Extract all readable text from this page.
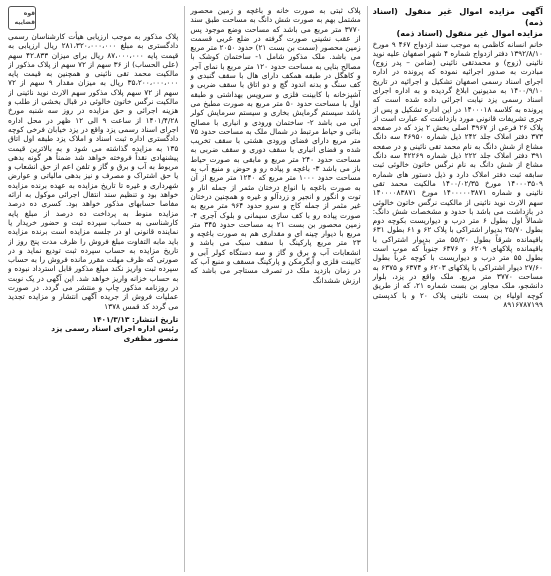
آگهی مزایده اموال غیر منقول (اسناد ذمه)
مزایده اموال غیر منقول (اسناد ذمه)

خانم انسانه کاظمی به موجب سند ازدواج ۴۶۷ ۹ مورخ ۱۳۹۲/۸/۱۰ دفتر ازدواج شماره ۴ شهر اصفهان علیه نوید نائینی (زوج) و محمدتقی نائینی (ضامن – پدر زوج) مبادرت به صدور اجرائیه نموده که پرونده در اداره اجرای اسناد رسمی اصفهان تشکیل و اجرائیه در تاریخ ۱۴۰۰/۹/۱۰ به مدیونین ابلاغ گردیده و به اداره اجرای اسناد رسمی یزد نیابت اجرائی داده شده است که پرونده به کلاسه ۱۴۰۰۰۱۸ در این اداره تشکیل و پس از جری تشریفات قانونی مورد بازداشت که عبارت است از پلاک ۲۶ فرعی از ۳۹۶۷ اصلی بخش ۲ یزد که در صفحه ۳۷۳ دفتر املاک جلد ۲۴۲ ذیل شماره ۴۶۹۵۰ سه دانگ مشاع از شش دانگ به نام محمد تقی نائینی و در صفحه ۳۹۱ دفتر املاک جلد ۲۲۲ ذیل شماره ۴۲۲۶۹ سه دانگ مشاع از شش دانگ به نام نرگس خاتون خالوئی ثبت سابقه ثبت دفتر املاک دارد و ذیل دستور های شماره ۱۴۰۰۰۳۵۰۹ مورخ ۱۴۰۰/۰۲/۳۵ مالکیت محمد تقی نائینی و شماره ۱۴۰۰۰۰۰۳۸۷۱ مورخ ۱۴۰۰۰۰۸۳۸۷۱ سهم الارث نوید نائینی از مالکیت نرگس خاتون خالوئی در بازداشت می باشد با حدود و مشخصات شش دانگ: شمالاً اول بطول ۶ متر درب و دیواریست بکوچه دوم بطول ۲۵/۷۰ بدیوار اشتراکی با پلاک ۶۲ و ۶۱ بطول ۶۳۱ باقیمانده شرقاً بطول ۵۵/۲۰ متر بدیوار اشتراکی با باقیمانده پلاکهای ۶۲۰۹ و ۶۳۷۶ جنوباً که موب است بطول ۵۵ متر درب و دیواریست با کوچه غرباً بطول ۲۷/۶۰ دیوار اشتراکی با پلاکهای ۶۲۰۳ و ۶۳۷۴ و ۶۳۷۵ به مساحت ۳۷۷۰ متر مربع. ملک واقع در یزد، بلوار دانشجو، ملک مجاور بن بست شماره ۲۱، که از طریق کوچه اولیاء بن بست نائینی پلاک ۲۰ و با کدپستی ۸۹۱۶۷۸۷۱۹۹

پلاک ثبتی به صورت خانه و باغچه و زمین محصور مشتمل بهم به صورت شش دانگ به مساحت طبق سند ۳۷۷۰ متر مربع می باشد که مساحت وضع موجود پس از عقب نشینی صورت گرفته در ضلع غربی قسمت زمین محصور (سمت بن بست ۲۱) حدود ۲۰۵۰ متر مربع می باشد. ملک مذکور شامل ۱- ساختمان کوشک با مصالح بنایی به مساحت حدود ۱۲۰ متر مربع با نمای آجر و کاهگل در طبقه همکف دارای هال با سقف گنبدی و کف سنگ و بدنه اندود گچ و دو اتاق با سقف ضربی و آشپزخانه با کابینت فلزی و سرویس بهداشتی و طبقه اول با مساحت حدود ۵۰ متر مربع به صورت مطبخ می باشد سیستم گرمایش بخاری و سیستم سرمایش کولر آبی می باشد ۲- ساختمان ورودی و انباری با مصالح بنائی و حیاط مرتبط در شمال ملک به مساحت حدود ۷۵ متر مربع دارای فضای ورودی هشتی با سقف تخریب شده و فضای انباری با سقف دوری و سقف ضربی به مساحت حدود ۲۴۰ متر مربع و مابقی به صورت حیاط باز می باشد ۳- باغچه و پیاده رو و حوض و منبع آب به مساحت حدود ۱۰۰۰ متر مربع که ۱۲۴۰ متر مربع از آن به صورت باغچه با انواع درختان مثمر از جمله انار و توت و انگور و انجیر و زردآلو و غیره و همچنین درختان غیر مثمر از جمله کاج و سرو حدود ۹۶۴ متر مربع به صورت پیاده رو با کف سازی سیمانی و بلوک آجری ۴- زمین محصور بن بست ۲۱ به مساحت حدود ۳۴۵ متر مربع با دیوار چینه ای و مقداری هم به صورت باغچه و ۲۳ متر مربع پارکینگ با سقف سبک می باشد و انشعابات آب و برق و گاز و سه دستگاه کولر آبی و کابینت فلزی و آبگرمکن و پارکینگ مسقف و منبع آب که در زمان بازدید ملک در تصرف مستاجر می باشد که ارزش ششدانگ

قوه قضاییه

پلاک مذکور به موجب ارزیابی هیأت کارشناسان رسمی دادگستری به مبلغ ۲۸۱،۳۲۰،۰۰۰،۰۰۰ ریال ارزیابی به قیمت پایه ۸۷،۰۰۰،۰۰۰ ریال برای میزان ۴۲.۸۳۳ سهم (علی الحساب) از ۳۶ سهم از ۷۲ سهم از پلاک مذکور از مالکیت محمد تقی نائینی و همچنین به قیمت پایه ۳۵،۲۰۰،۰۰۰،۰۰۰ ریال به میزان مقدار ۹ سهم از ۷۲ سهم از ۷۲ سهم پلاک مذکور سهم الارث نوید نائینی از مالکیت نرگس خاتون خالوئی در قبال بخشی از طلب و هزینه اجرائی و حق مزایده در روز سه شنبه مورخ ۱۴۰۱/۴/۲۸ از ساعت ۹ الی ۱۲ ظهر در محل اداره اجرای اسناد رسمی یزد واقع در یزد خیابان فرخی کوچه دادگستری اداره ثبت اسناد و املاک یزد طبقه اول اتاق ۱۳۵ به مزایده گذاشته می شود و به بالاترین قیمت پیشنهادی نقداً فروخته خواهد شد ضمناً هر گونه بدهی مربوط به آب و برق و گاز و تلفن اعم از حق انشعاب و یا حق اشتراک و مصرف و نیز بدهی مالیاتی و عوارض شهرداری و غیره تا تاریخ مزایده به عهده برنده مزایده خواهد بود و تنظیم سند انتقال اجرائی موکول به ارائه مفاصا حسابهای مذکور خواهد بود. کسری ده درصد مزایده منوط به پرداخت ده درصد از مبلغ پایه کارشناسی به حساب سپرده ثبت و حضور خریدار یا نماینده قانونی او در جلسه مزایده است برنده مزایده باید مابه التفاوت مبلغ فروش را ظرف مدت پنج روز از تاریخ مزایده به حساب سپرده ثبت تودیع نماید و در صورتی که ظرف مهلت مقرر مانده فروش را به حساب سپرده ثبت واریز نکند مبلغ مذکور قابل استرداد نبوده و به حساب خزانه واریز خواهد شد. این آگهی در یک نوبت در روزنامه مذکور چاپ و منتشر می گردد. در صورت عملیات فروش از جریده آگهی انتشار و مزایده تجدید می گردد کد قمس ۱۳۷۸

تاریخ انتشار: ۱۴۰۱/۳/۱۳
رئیس اداره اجرای اسناد رسمی یزد
منصور مظفری
